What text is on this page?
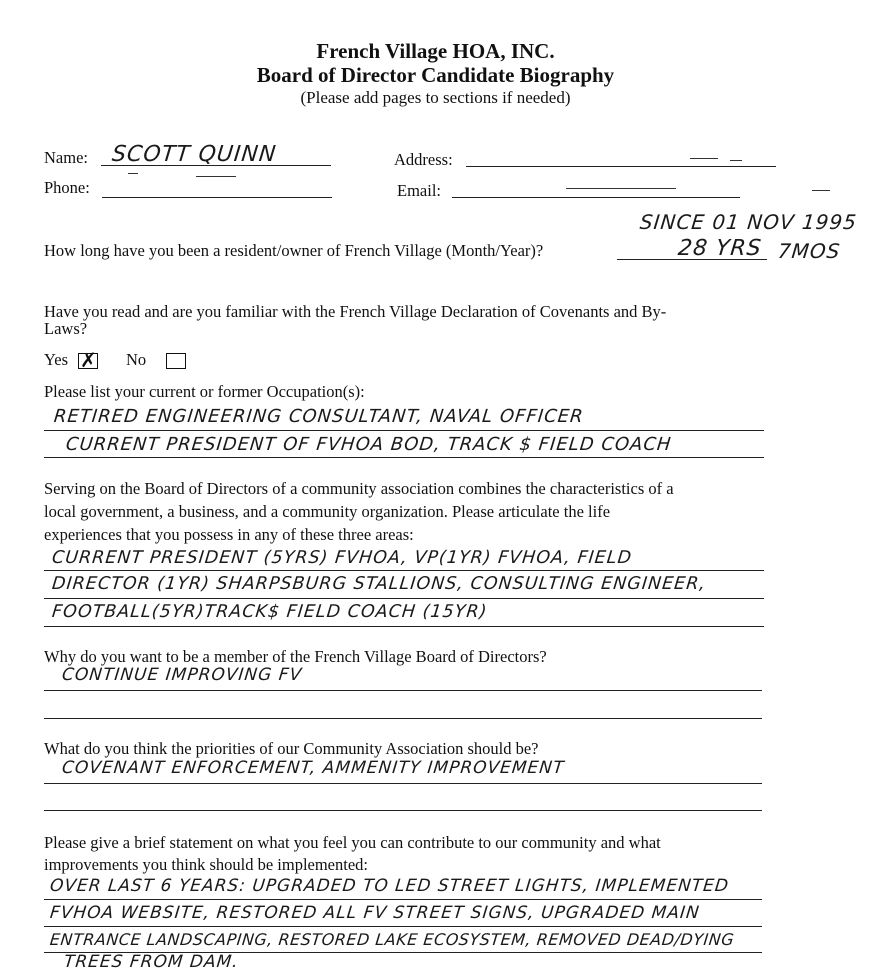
French Village HOA, INC.
Board of Director Candidate Biography
(Please add pages to sections if needed)
Name: SCOTT QUINN	Address:
Phone:	Email:
SINCE 01 NOV 1995
How long have you been a resident/owner of French Village (Month/Year)?	28 YRS 7MOS
Have you read and are you familiar with the French Village Declaration of Covenants and By-
Laws?
Yes ✗ No
Please list your current or former Occupation(s):
RETIRED ENGINEERING CONSULTANT, NAVAL OFFICER
CURRENT PRESIDENT OF FVHOA BOD, TRACK $ FIELD COACH
Serving on the Board of Directors of a community association combines the characteristics of a
local government, a business, and a community organization. Please articulate the life
experiences that you possess in any of these three areas:
CURRENT PRESIDENT (5YRS) FVHOA, VP(1YR) FVHOA, FIELD
DIRECTOR (1YR) SHARPSBURG STALLIONS, CONSULTING ENGINEER,
FOOTBALL(5YR)TRACK$ FIELD COACH (15YR)
Why do you want to be a member of the French Village Board of Directors?
CONTINUE IMPROVING FV
What do you think the priorities of our Community Association should be?
COVENANT ENFORCEMENT, AMMENITY IMPROVEMENT
Please give a brief statement on what you feel you can contribute to our community and what
improvements you think should be implemented:
OVER LAST 6 YEARS: UPGRADED TO LED STREET LIGHTS, IMPLEMENTED
FVHOA WEBSITE, RESTORED ALL FV STREET SIGNS, UPGRADED MAIN
ENTRANCE LANDSCAPING, RESTORED LAKE ECOSYSTEM, REMOVED DEAD/DYING
TREES FROM DAM.
